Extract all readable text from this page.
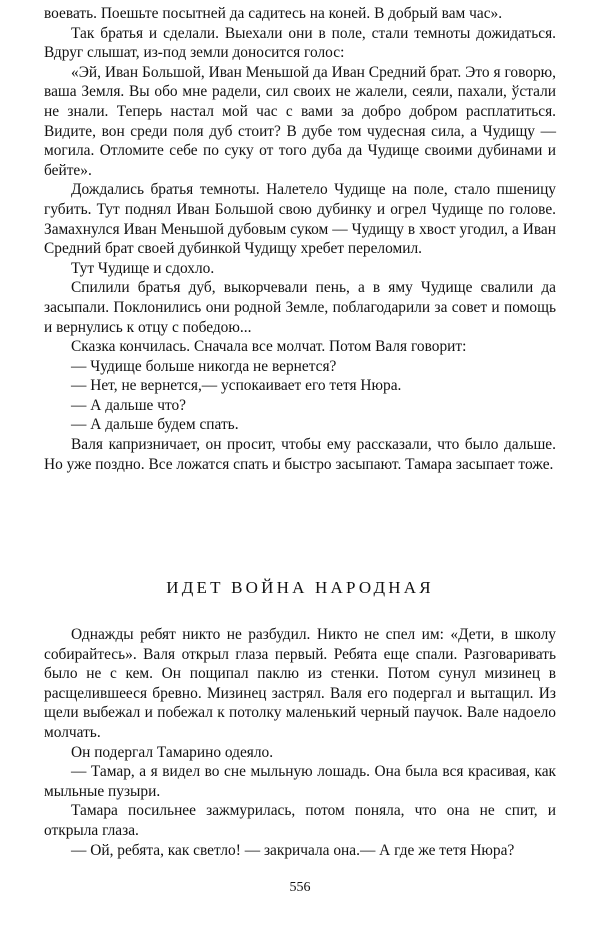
воевать. Поешьте посытней да садитесь на коней. В добрый вам час».

Так братья и сделали. Выехали они в поле, стали темноты дожидаться. Вдруг слышат, из-под земли доносится голос:

«Эй, Иван Большой, Иван Меньшой да Иван Средний брат. Это я говорю, ваша Земля. Вы обо мне радели, сил своих не жалели, сеяли, пахали, ўстали не знали. Теперь настал мой час с вами за добро добром расплатиться. Видите, вон среди поля дуб стоит? В дубе том чудесная сила, а Чудищу — могила. Отломите себе по суку от того дуба да Чудище своими дубинами и бейте».

Дождались братья темноты. Налетело Чудище на поле, стало пшеницу губить. Тут поднял Иван Большой свою дубинку и огрел Чудище по голове. Замахнулся Иван Меньшой дубовым суком — Чудищу в хвост угодил, а Иван Средний брат своей дубинкой Чудищу хребет переломил.

Тут Чудище и сдохло.

Спилили братья дуб, выкорчевали пень, а в яму Чудище свалили да засыпали. Поклонились они родной Земле, поблагодарили за совет и помощь и вернулись к отцу с победою...

Сказка кончилась. Сначала все молчат. Потом Валя говорит:

— Чудище больше никогда не вернется?

— Нет, не вернется,— успокаивает его тетя Нюра.

— А дальше что?

— А дальше будем спать.

Валя капризничает, он просит, чтобы ему рассказали, что было дальше. Но уже поздно. Все ложатся спать и быстро засыпают. Тамара засыпает тоже.

ИДЕТ ВОЙНА НАРОДНАЯ

Однажды ребят никто не разбудил. Никто не спел им: «Дети, в школу собирайтесь». Валя открыл глаза первый. Ребята еще спали. Разговаривать было не с кем. Он пощипал паклю из стенки. Потом сунул мизинец в расщелившееся бревно. Мизинец застрял. Валя его подергал и вытащил. Из щели выбежал и побежал к потолку маленький черный паучок. Вале надоело молчать.

Он подергал Тамарино одеяло.

— Тамар, а я видел во сне мыльную лошадь. Она была вся красивая, как мыльные пузыри.

Тамара посильнее зажмурилась, потом поняла, что она не спит, и открыла глаза.

— Ой, ребята, как светло! — закричала она.— А где же тетя Нюра?

556
